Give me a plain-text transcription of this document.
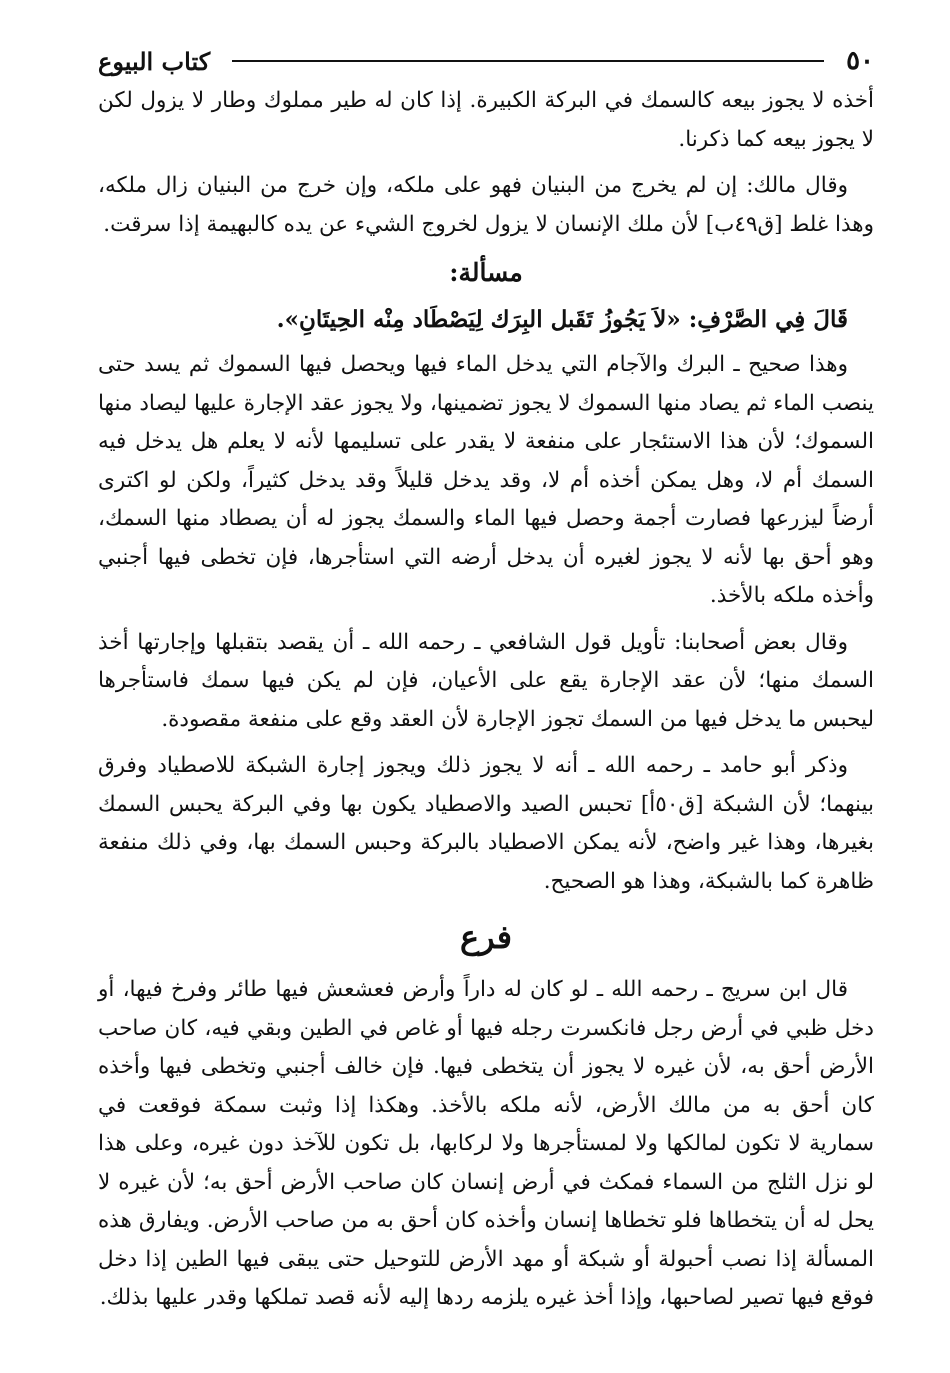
٥٠
كتاب البيوع

أخذه لا يجوز بيعه كالسمك في البركة الكبيرة. إذا كان له طير مملوك وطار لا يزول لكن لا يجوز بيعه كما ذكرنا.

وقال مالك: إن لم يخرج من البنيان فهو على ملكه، وإن خرج من البنيان زال ملكه، وهذا غلط [ق٤٩ب] لأن ملك الإنسان لا يزول لخروج الشيء عن يده كالبهيمة إذا سرقت.

مسألة:

قَالَ فِي الصَّرْفِ: «لاَ يَجُوزُ تَقَبل البِرَك لِيَصْطَاد مِنْه الحِيتَانِ».

وهذا صحيح ـ البرك والآجام التي يدخل الماء فيها ويحصل فيها السموك ثم يسد حتى ينصب الماء ثم يصاد منها السموك لا يجوز تضمينها، ولا يجوز عقد الإجارة عليها ليصاد منها السموك؛ لأن هذا الاستئجار على منفعة لا يقدر على تسليمها لأنه لا يعلم هل يدخل فيه السمك أم لا، وهل يمكن أخذه أم لا، وقد يدخل قليلاً وقد يدخل كثيراً، ولكن لو اكترى أرضاً ليزرعها فصارت أجمة وحصل فيها الماء والسمك يجوز له أن يصطاد منها السمك، وهو أحق بها لأنه لا يجوز لغيره أن يدخل أرضه التي استأجرها، فإن تخطى فيها أجنبي وأخذه ملكه بالأخذ.

وقال بعض أصحابنا: تأويل قول الشافعي ـ رحمه الله ـ أن يقصد بتقبلها وإجارتها أخذ السمك منها؛ لأن عقد الإجارة يقع على الأعيان، فإن لم يكن فيها سمك فاستأجرها ليحبس ما يدخل فيها من السمك تجوز الإجارة لأن العقد وقع على منفعة مقصودة.

وذكر أبو حامد ـ رحمه الله ـ أنه لا يجوز ذلك ويجوز إجارة الشبكة للاصطياد وفرق بينهما؛ لأن الشبكة [ق٥٠أ] تحبس الصيد والاصطياد يكون بها وفي البركة يحبس السمك بغيرها، وهذا غير واضح، لأنه يمكن الاصطياد بالبركة وحبس السمك بها، وفي ذلك منفعة ظاهرة كما بالشبكة، وهذا هو الصحيح.

فرع

قال ابن سريج ـ رحمه الله ـ لو كان له داراً وأرض فعشعش فيها طائر وفرخ فيها، أو دخل ظبي في أرض رجل فانكسرت رجله فيها أو غاص في الطين وبقي فيه، كان صاحب الأرض أحق به، لأن غيره لا يجوز أن يتخطى فيها. فإن خالف أجنبي وتخطى فيها وأخذه كان أحق به من مالك الأرض، لأنه ملكه بالأخذ. وهكذا إذا وثبت سمكة فوقعت في سمارية لا تكون لمالكها ولا لمستأجرها ولا لركابها، بل تكون للآخذ دون غيره، وعلى هذا لو نزل الثلج من السماء فمكث في أرض إنسان كان صاحب الأرض أحق به؛ لأن غيره لا يحل له أن يتخطاها فلو تخطاها إنسان وأخذه كان أحق به من صاحب الأرض. ويفارق هذه المسألة إذا نصب أحبولة أو شبكة أو مهد الأرض للتوحيل حتى يبقى فيها الطين إذا دخل فوقع فيها تصير لصاحبها، وإذا أخذ غيره يلزمه ردها إليه لأنه قصد تملكها وقدر عليها بذلك.
